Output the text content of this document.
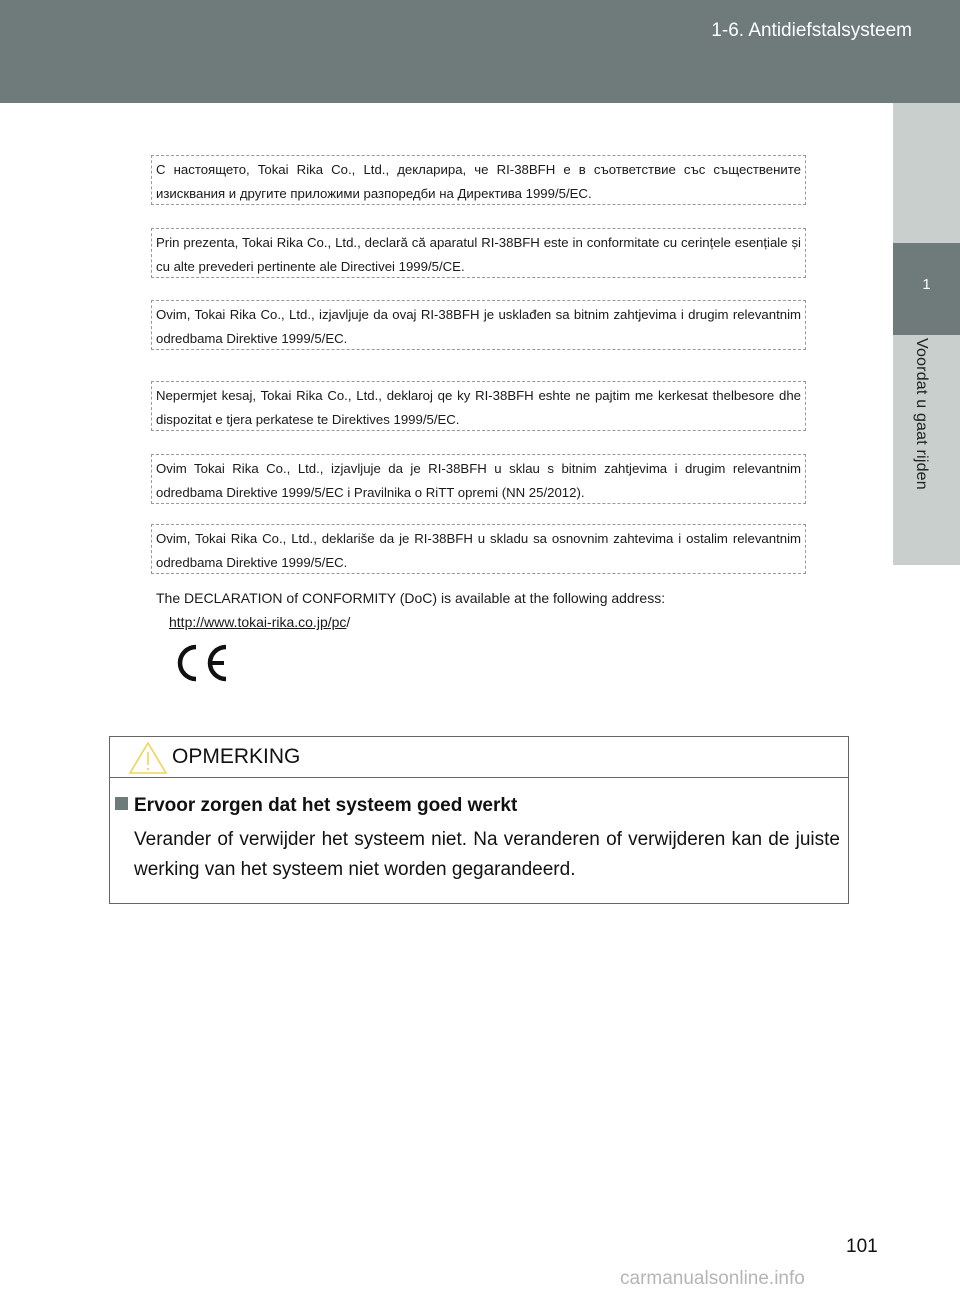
1-6. Antidiefstalsysteem
1
Voordat u gaat rijden
С настоящето, Tokai Rika Co., Ltd., декларира, че RI-38BFH е в съответствие със съществените изисквания и другите приложими разпоредби на Директива 1999/5/EC.
Prin prezenta, Tokai Rika Co., Ltd., declară că aparatul RI-38BFH este in conformitate cu cerințele esențiale și cu alte prevederi pertinente ale Directivei 1999/5/CE.
Ovim, Tokai Rika Co., Ltd., izjavljuje da ovaj RI-38BFH je usklađen sa bitnim zahtjevima i drugim relevantnim odredbama Direktive 1999/5/EC.
Nepermjet kesaj, Tokai Rika Co., Ltd., deklaroj qe ky RI-38BFH eshte ne pajtim me kerkesat thelbesore dhe dispozitat e tjera perkatese te Direktives 1999/5/EC.
Ovim Tokai Rika Co., Ltd., izjavljuje da je RI-38BFH u sklau s bitnim zahtjevima i drugim relevantnim odredbama Direktive 1999/5/EC i Pravilnika o RiTT opremi (NN 25/2012).
Ovim, Tokai Rika Co., Ltd., deklariše da je RI-38BFH u skladu sa osnovnim zahtevima i ostalim relevantnim odredbama Direktive 1999/5/EC.
The DECLARATION of CONFORMITY (DoC) is available at the following address:
http://www.tokai-rika.co.jp/pc/
OPMERKING
Ervoor zorgen dat het systeem goed werkt
Verander of verwijder het systeem niet. Na veranderen of verwijderen kan de juiste werking van het systeem niet worden gegarandeerd.
101
carmanualsonline.info
